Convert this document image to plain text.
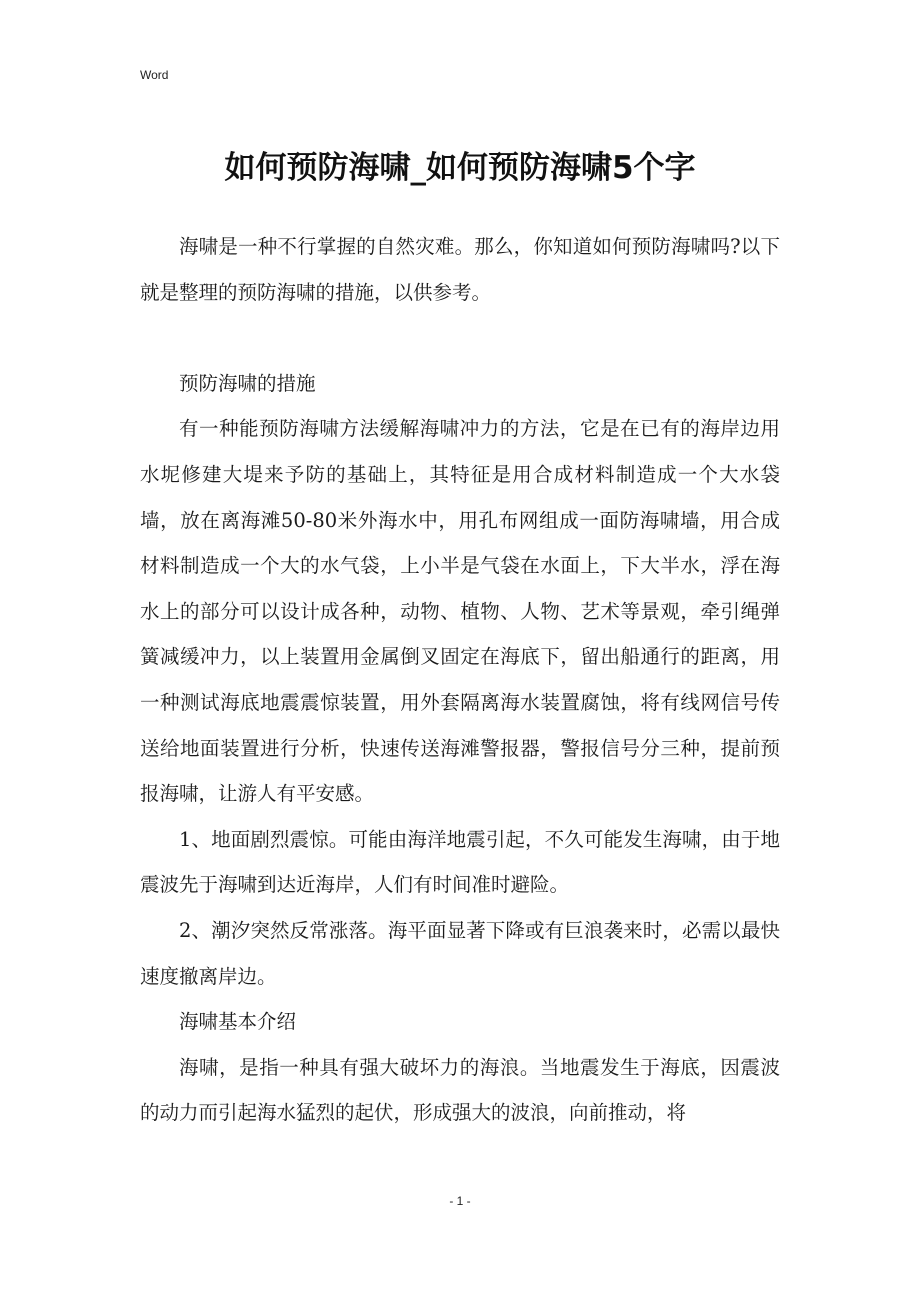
Word
如何预防海啸_如何预防海啸5个字

海啸是一种不行掌握的自然灾难。那么，你知道如何预防海啸吗?以下就是整理的预防海啸的措施，以供参考。

预防海啸的措施

有一种能预防海啸方法缓解海啸冲力的方法，它是在已有的海岸边用水坭修建大堤来予防的基础上，其特征是用合成材料制造成一个大水袋墙，放在离海滩50-80米外海水中，用孔布网组成一面防海啸墙，用合成材料制造成一个大的水气袋，上小半是气袋在水面上，下大半水，浮在海水上的部分可以设计成各种，动物、植物、人物、艺术等景观，牵引绳弹簧减缓冲力，以上装置用金属倒叉固定在海底下，留出船通行的距离，用一种测试海底地震震惊装置，用外套隔离海水装置腐蚀，将有线网信号传送给地面装置进行分析，快速传送海滩警报器，警报信号分三种，提前预报海啸，让游人有平安感。

1、地面剧烈震惊。可能由海洋地震引起，不久可能发生海啸，由于地震波先于海啸到达近海岸，人们有时间准时避险。

2、潮汐突然反常涨落。海平面显著下降或有巨浪袭来时，必需以最快速度撤离岸边。

海啸基本介绍

海啸，是指一种具有强大破坏力的海浪。当地震发生于海底，因震波的动力而引起海水猛烈的起伏，形成强大的波浪，向前推动，将

- 1 -
